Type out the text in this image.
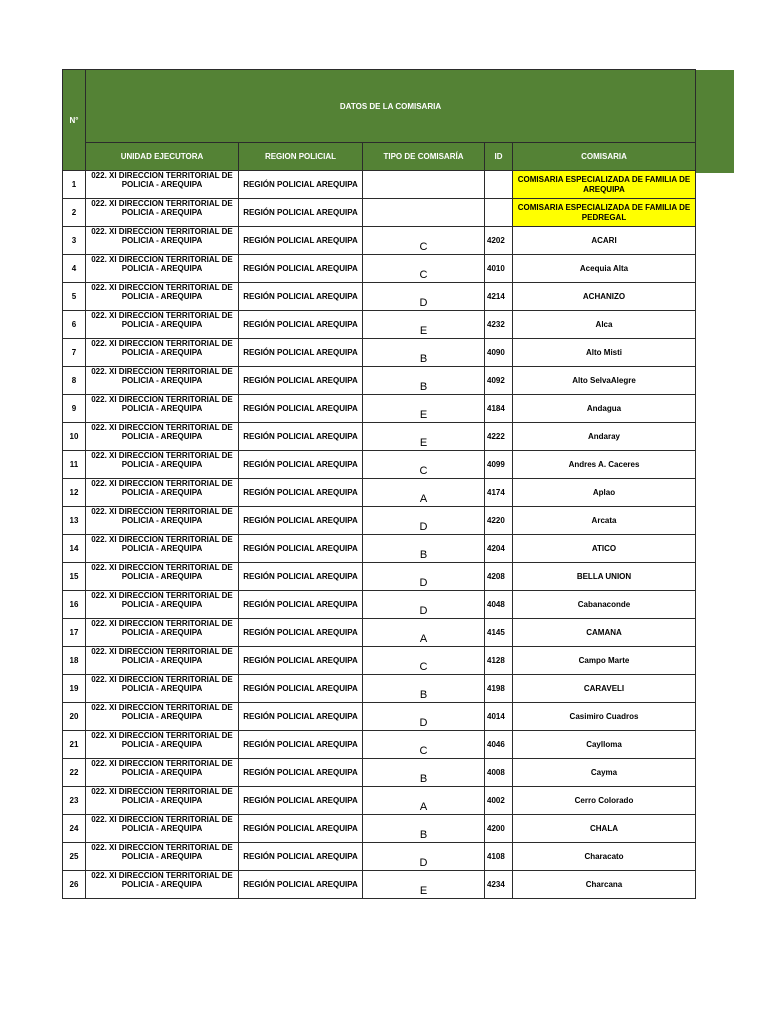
N°	DATOS DE LA COMISARIA				
	UNIDAD EJECUTORA	REGION POLICIAL	TIPO DE COMISARÍA	ID	COMISARIA
1	022. XI DIRECCION TERRITORIAL DE POLICIA - AREQUIPA	REGIÓN POLICIAL AREQUIPA			COMISARIA ESPECIALIZADA DE FAMILIA DE AREQUIPA
2	022. XI DIRECCION TERRITORIAL DE POLICIA - AREQUIPA	REGIÓN POLICIAL AREQUIPA			COMISARIA ESPECIALIZADA DE FAMILIA DE PEDREGAL
3	022. XI DIRECCION TERRITORIAL DE POLICIA - AREQUIPA	REGIÓN POLICIAL AREQUIPA	C	4202	ACARI
4	022. XI DIRECCION TERRITORIAL DE POLICIA - AREQUIPA	REGIÓN POLICIAL AREQUIPA	C	4010	Acequia Alta
5	022. XI DIRECCION TERRITORIAL DE POLICIA - AREQUIPA	REGIÓN POLICIAL AREQUIPA	D	4214	ACHANIZO
6	022. XI DIRECCION TERRITORIAL DE POLICIA - AREQUIPA	REGIÓN POLICIAL AREQUIPA	E	4232	Alca
7	022. XI DIRECCION TERRITORIAL DE POLICIA - AREQUIPA	REGIÓN POLICIAL AREQUIPA	B	4090	Alto Misti
8	022. XI DIRECCION TERRITORIAL DE POLICIA - AREQUIPA	REGIÓN POLICIAL AREQUIPA	B	4092	Alto SelvaAlegre
9	022. XI DIRECCION TERRITORIAL DE POLICIA - AREQUIPA	REGIÓN POLICIAL AREQUIPA	E	4184	Andagua
10	022. XI DIRECCION TERRITORIAL DE POLICIA - AREQUIPA	REGIÓN POLICIAL AREQUIPA	E	4222	Andaray
11	022. XI DIRECCION TERRITORIAL DE POLICIA - AREQUIPA	REGIÓN POLICIAL AREQUIPA	C	4099	Andres A. Caceres
12	022. XI DIRECCION TERRITORIAL DE POLICIA - AREQUIPA	REGIÓN POLICIAL AREQUIPA	A	4174	Aplao
13	022. XI DIRECCION TERRITORIAL DE POLICIA - AREQUIPA	REGIÓN POLICIAL AREQUIPA	D	4220	Arcata
14	022. XI DIRECCION TERRITORIAL DE POLICIA - AREQUIPA	REGIÓN POLICIAL AREQUIPA	B	4204	ATICO
15	022. XI DIRECCION TERRITORIAL DE POLICIA - AREQUIPA	REGIÓN POLICIAL AREQUIPA	D	4208	BELLA UNION
16	022. XI DIRECCION TERRITORIAL DE POLICIA - AREQUIPA	REGIÓN POLICIAL AREQUIPA	D	4048	Cabanaconde
17	022. XI DIRECCION TERRITORIAL DE POLICIA - AREQUIPA	REGIÓN POLICIAL AREQUIPA	A	4145	CAMANA
18	022. XI DIRECCION TERRITORIAL DE POLICIA - AREQUIPA	REGIÓN POLICIAL AREQUIPA	C	4128	Campo Marte
19	022. XI DIRECCION TERRITORIAL DE POLICIA - AREQUIPA	REGIÓN POLICIAL AREQUIPA	B	4198	CARAVELI
20	022. XI DIRECCION TERRITORIAL DE POLICIA - AREQUIPA	REGIÓN POLICIAL AREQUIPA	D	4014	Casimiro Cuadros
21	022. XI DIRECCION TERRITORIAL DE POLICIA - AREQUIPA	REGIÓN POLICIAL AREQUIPA	C	4046	Caylloma
22	022. XI DIRECCION TERRITORIAL DE POLICIA - AREQUIPA	REGIÓN POLICIAL AREQUIPA	B	4008	Cayma
23	022. XI DIRECCION TERRITORIAL DE POLICIA - AREQUIPA	REGIÓN POLICIAL AREQUIPA	A	4002	Cerro Colorado
24	022. XI DIRECCION TERRITORIAL DE POLICIA - AREQUIPA	REGIÓN POLICIAL AREQUIPA	B	4200	CHALA
25	022. XI DIRECCION TERRITORIAL DE POLICIA - AREQUIPA	REGIÓN POLICIAL AREQUIPA	D	4108	Characato
26	022. XI DIRECCION TERRITORIAL DE POLICIA - AREQUIPA	REGIÓN POLICIAL AREQUIPA	E	4234	Charcana
